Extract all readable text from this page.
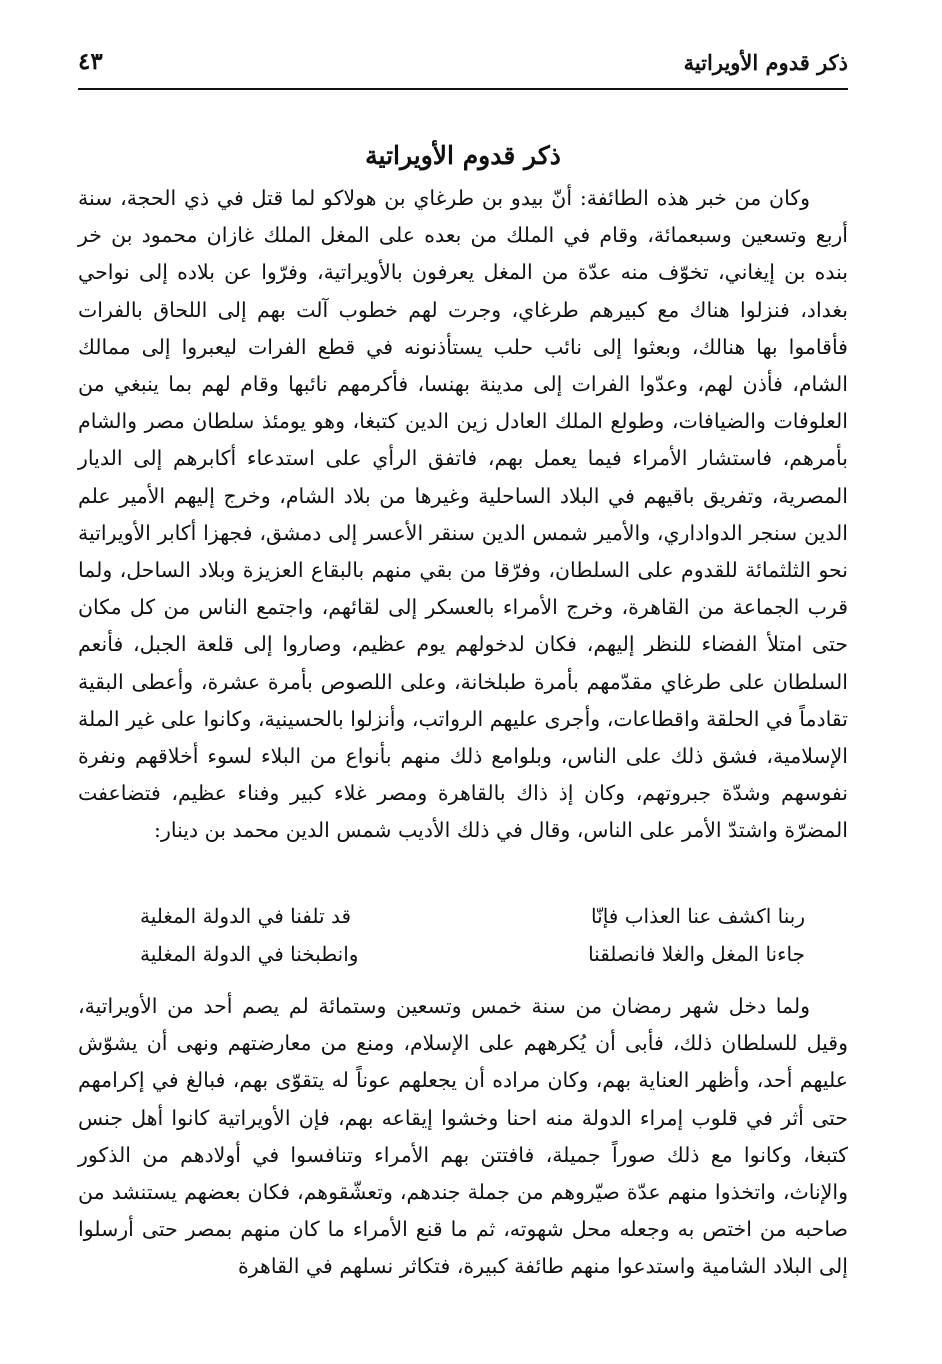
ذكر قدوم الأويراتية
٤٣
ذكر قدوم الأويراتية

وكان من خبر هذه الطائفة: أنّ بيدو بن طرغاي بن هولاكو لما قتل في ذي الحجة، سنة أربع وتسعين وسبعمائة، وقام في الملك من بعده على المغل الملك غازان محمود بن خر بنده بن إيغاني، تخوّف منه عدّة من المغل يعرفون بالأويراتية، وفرّوا عن بلاده إلى نواحي بغداد، فنزلوا هناك مع كبيرهم طرغاي، وجرت لهم خطوب آلت بهم إلى اللحاق بالفرات فأقاموا بها هنالك، وبعثوا إلى نائب حلب يستأذنونه في قطع الفرات ليعبروا إلى ممالك الشام، فأذن لهم، وعدّوا الفرات إلى مدينة بهنسا، فأكرمهم نائبها وقام لهم بما ينبغي من العلوفات والضيافات، وطولع الملك العادل زين الدين كتبغا، وهو يومئذ سلطان مصر والشام بأمرهم، فاستشار الأمراء فيما يعمل بهم، فاتفق الرأي على استدعاء أكابرهم إلى الديار المصرية، وتفريق باقيهم في البلاد الساحلية وغيرها من بلاد الشام، وخرج إليهم الأمير علم الدين سنجر الدواداري، والأمير شمس الدين سنقر الأعسر إلى دمشق، فجهزا أكابر الأويراتية نحو الثلثمائة للقدوم على السلطان، وفرّقا من بقي منهم بالبقاع العزيزة وبلاد الساحل، ولما قرب الجماعة من القاهرة، وخرج الأمراء بالعسكر إلى لقائهم، واجتمع الناس من كل مكان حتى امتلأ الفضاء للنظر إليهم، فكان لدخولهم يوم عظيم، وصاروا إلى قلعة الجبل، فأنعم السلطان على طرغاي مقدّمهم بأمرة طبلخانة، وعلى اللصوص بأمرة عشرة، وأعطى البقية تقادماً في الحلقة واقطاعات، وأجرى عليهم الرواتب، وأنزلوا بالحسينية، وكانوا على غير الملة الإسلامية، فشق ذلك على الناس، وبلوامع ذلك منهم بأنواع من البلاء لسوء أخلاقهم ونفرة نفوسهم وشدّة جبروتهم، وكان إذ ذاك بالقاهرة ومصر غلاء كبير وفناء عظيم، فتضاعفت المضرّة واشتدّ الأمر على الناس، وقال في ذلك الأديب شمس الدين محمد بن دينار:

ربنا اكشف عنا العذاب فإنّا
قد تلفنا في الدولة المغلية
جاءنا المغل والغلا فانصلقنا
وانطبخنا في الدولة المغلية

ولما دخل شهر رمضان من سنة خمس وتسعين وستمائة لم يصم أحد من الأويراتية، وقيل للسلطان ذلك، فأبى أن يُكرههم على الإسلام، ومنع من معارضتهم ونهى أن يشوّش عليهم أحد، وأظهر العناية بهم، وكان مراده أن يجعلهم عوناً له يتقوّى بهم، فبالغ في إكرامهم حتى أثر في قلوب إمراء الدولة منه احنا وخشوا إيقاعه بهم، فإن الأويراتية كانوا أهل جنس كتبغا، وكانوا مع ذلك صوراً جميلة، فافتتن بهم الأمراء وتنافسوا في أولادهم من الذكور والإناث، واتخذوا منهم عدّة صيّروهم من جملة جندهم، وتعشّقوهم، فكان بعضهم يستنشد من صاحبه من اختص به وجعله محل شهوته، ثم ما قنع الأمراء ما كان منهم بمصر حتى أرسلوا إلى البلاد الشامية واستدعوا منهم طائفة كبيرة، فتكاثر نسلهم في القاهرة
